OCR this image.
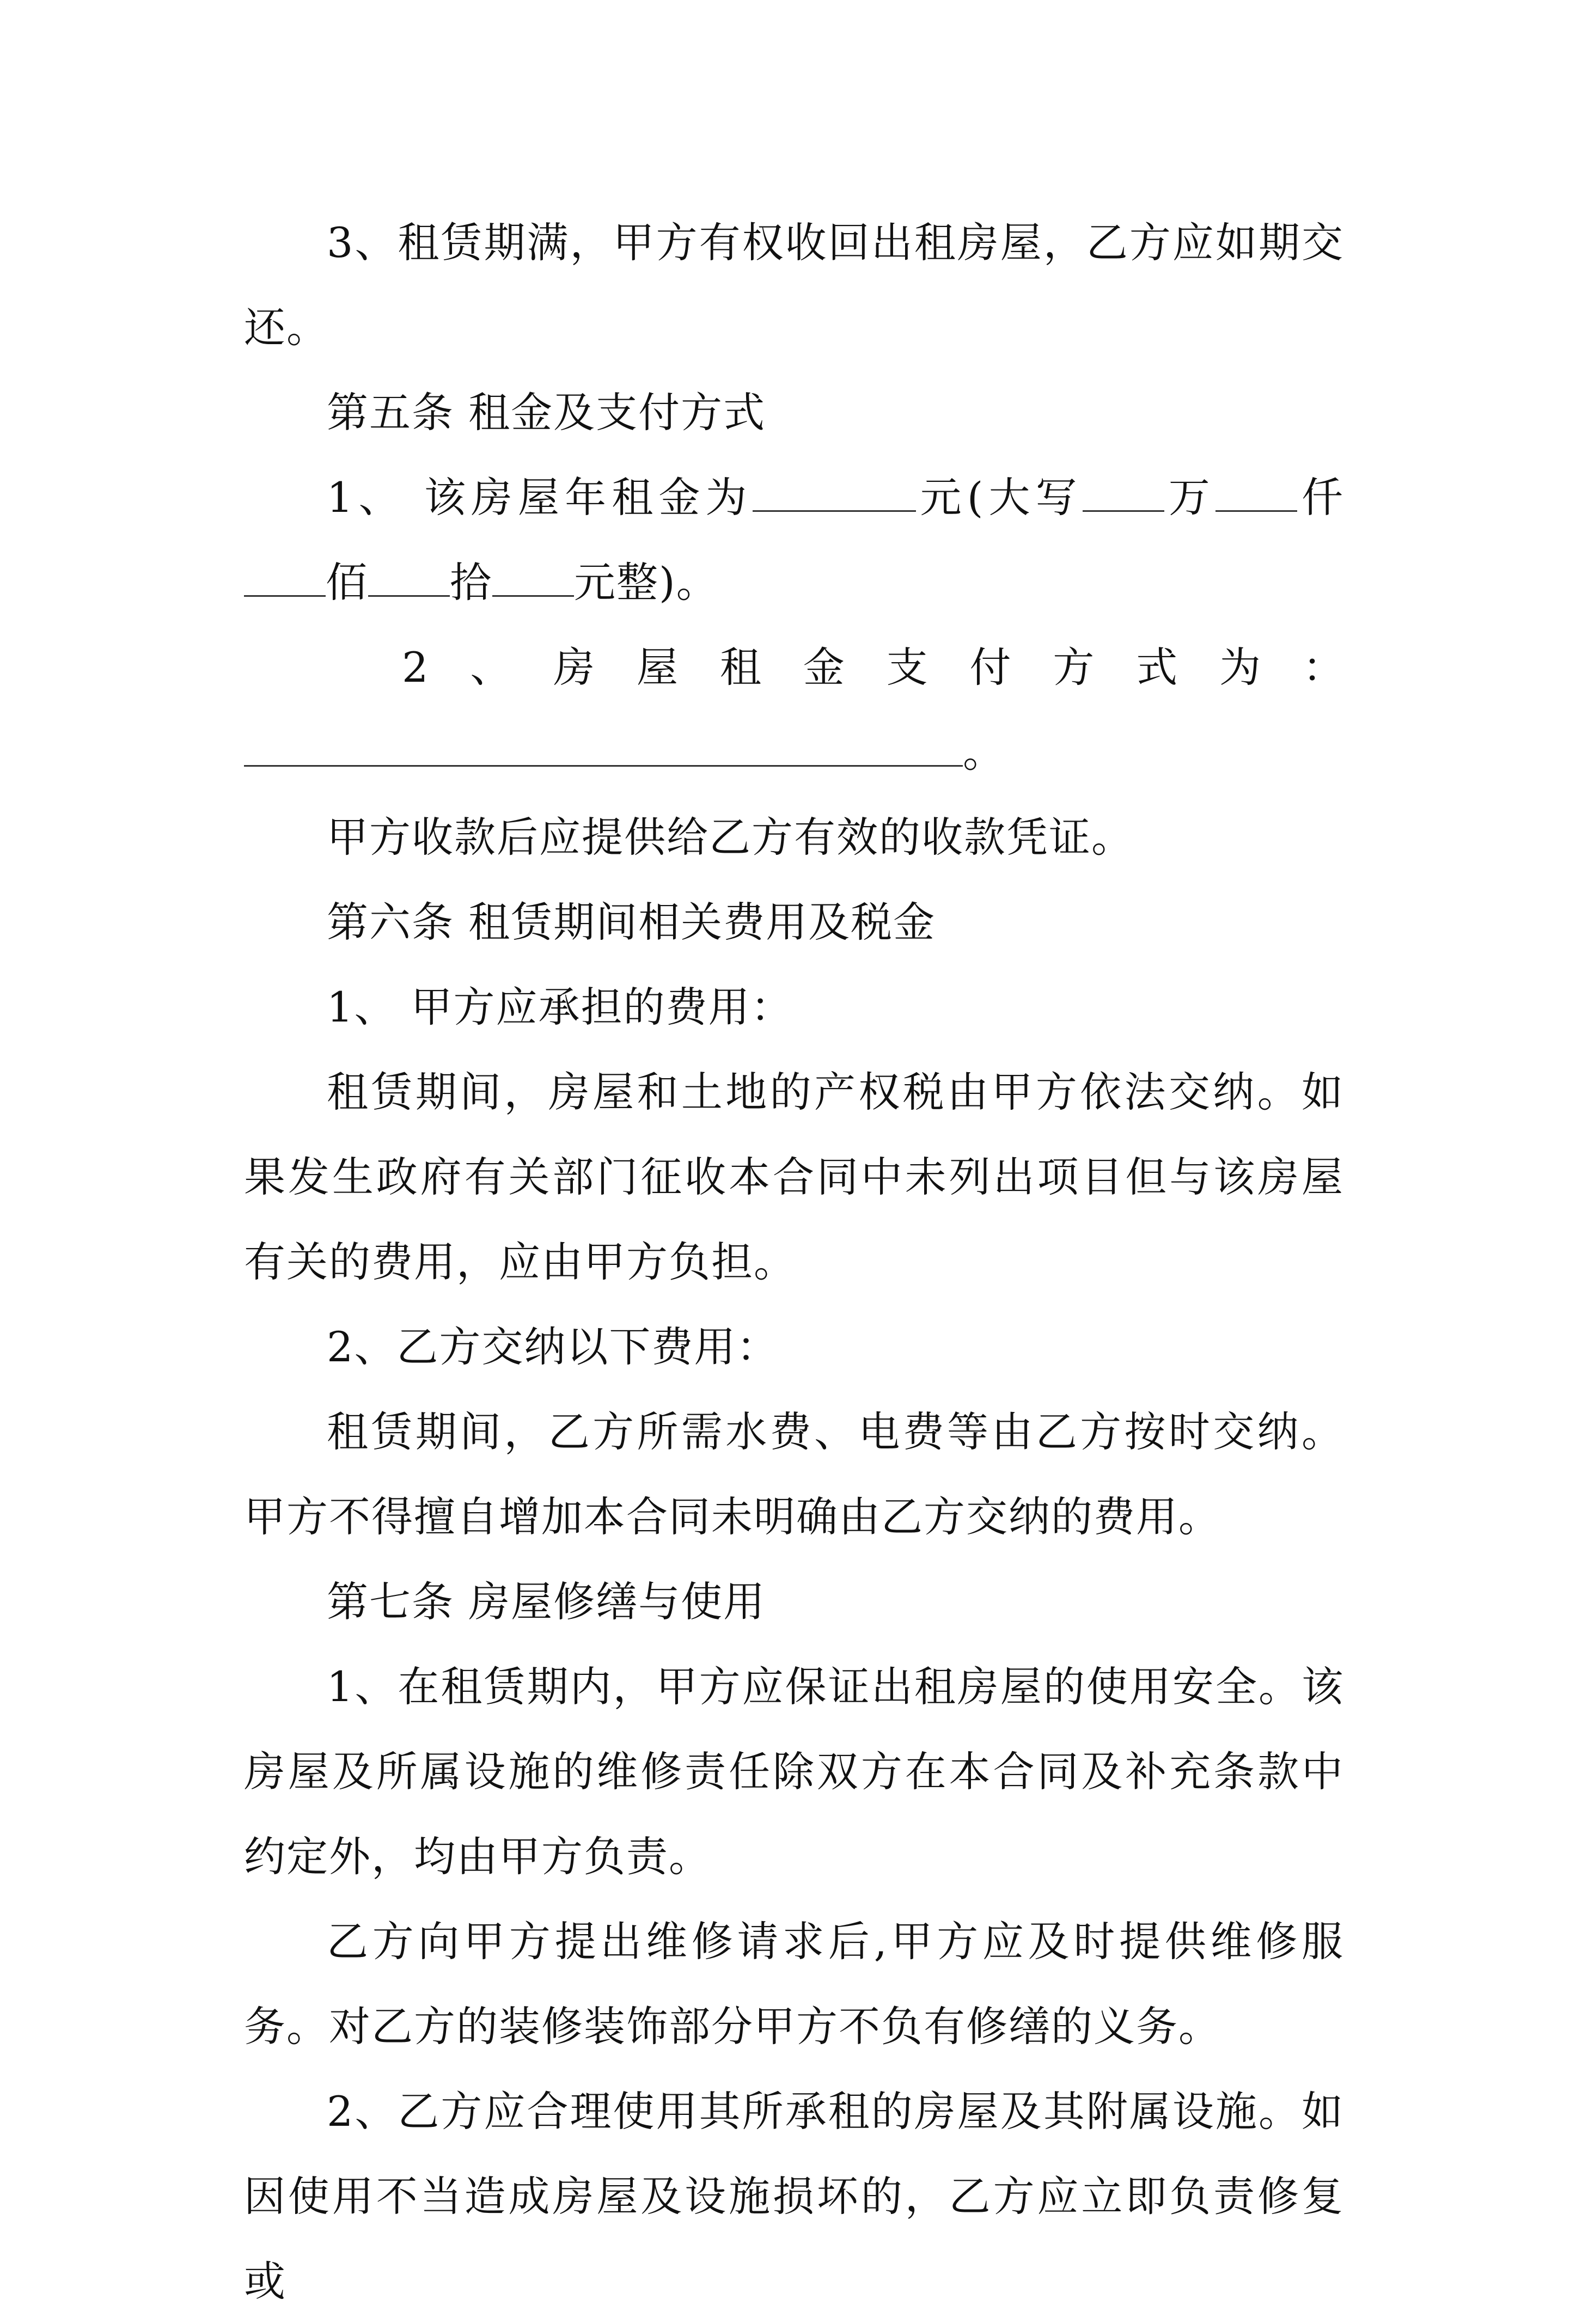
3、租赁期满，甲方有权收回出租房屋，乙方应如期交还。

第五条 租金及支付方式

1、 该房屋年租金为	元(大写 万 仟佰 拾 元整)。

2 、 房 屋 租 金 支 付 方 式 为 ：
。

甲方收款后应提供给乙方有效的收款凭证。

第六条 租赁期间相关费用及税金

1、 甲方应承担的费用：

租赁期间，房屋和土地的产权税由甲方依法交纳。如果发生政府有关部门征收本合同中未列出项目但与该房屋有关的费用，应由甲方负担。

2、乙方交纳以下费用：

租赁期间，乙方所需水费、电费等由乙方按时交纳。甲方不得擅自增加本合同未明确由乙方交纳的费用。

第七条 房屋修缮与使用

1、在租赁期内，甲方应保证出租房屋的使用安全。该房屋及所属设施的维修责任除双方在本合同及补充条款中约定外，均由甲方负责。

乙方向甲方提出维修请求后,甲方应及时提供维修服务。对乙方的装修装饰部分甲方不负有修缮的义务。

2、乙方应合理使用其所承租的房屋及其附属设施。如因使用不当造成房屋及设施损坏的，乙方应立即负责修复或
